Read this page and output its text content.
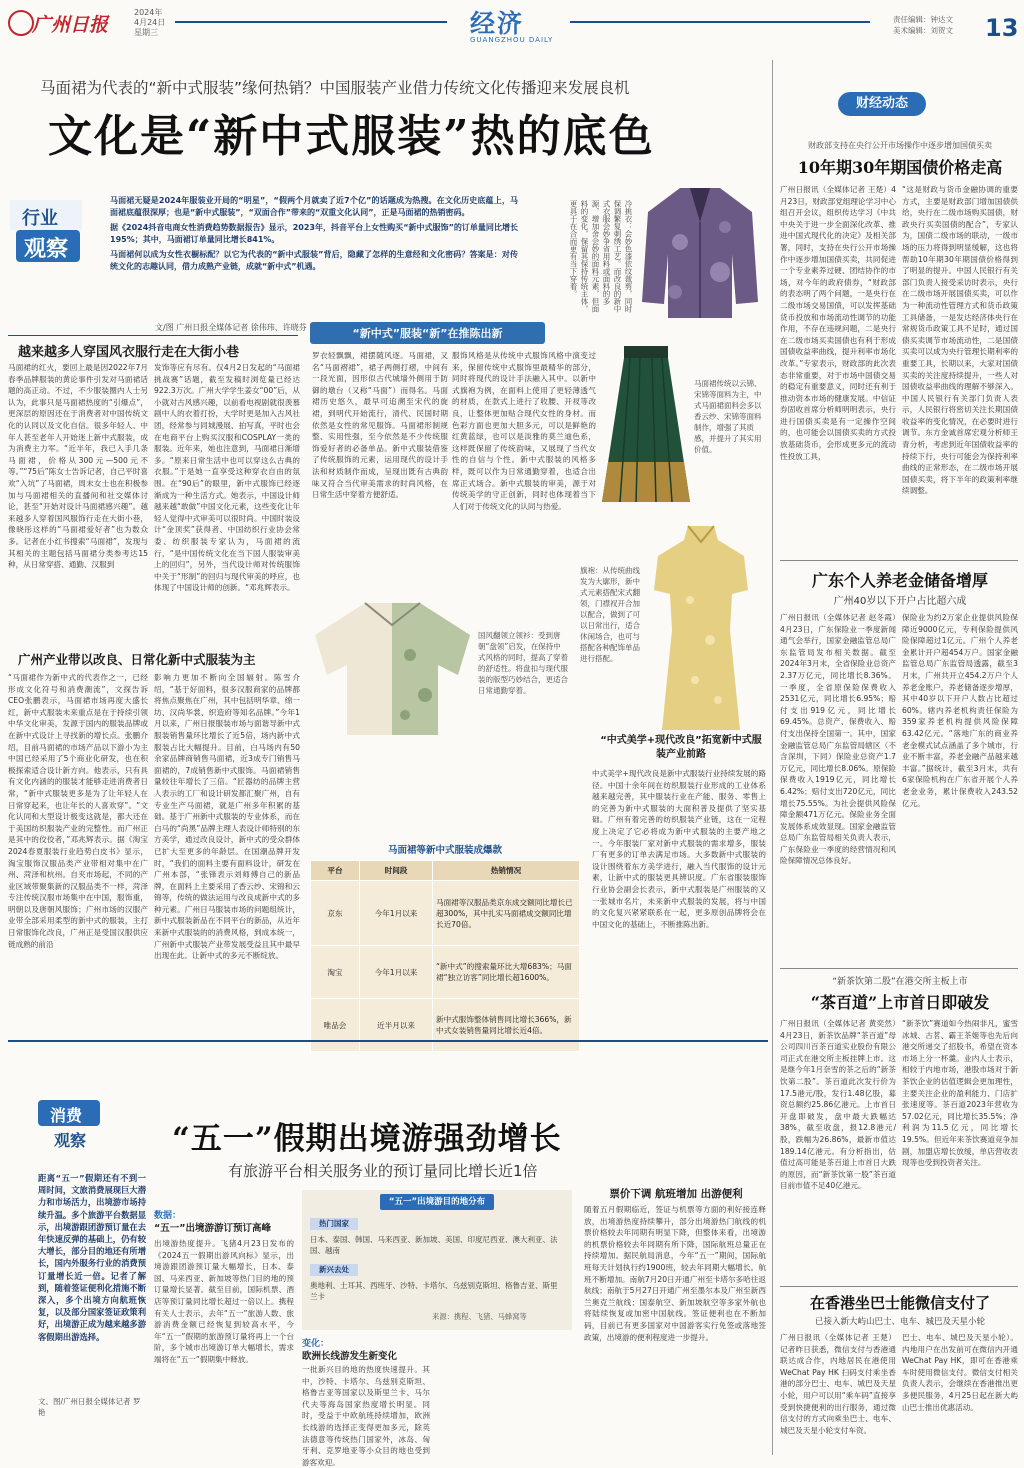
广州日报
2024年
4月24日
星期三	经济
GUANGZHOU DAILY
责任编辑：钟达文
美术编辑：刘贺文 13
马面裙为代表的“新中式服装”缘何热销？中国服装产业借力传统文化传播迎来发展良机
文化是“新中式服装”热的底色
行业
观察
马面裙无疑是2024年服装业开局的“明星”，“假两个月就卖了近7个亿”的话题成为热搜。在文化历史底蕴上，马面裙底蕴很深厚；也是“新中式服装”，“双面合作”带来的“双重文化认同”，正是马面裙的热销密码。
据《2024抖音电商女性消费趋势数据报告》显示，2023年，抖音平台上女性购买“新中式服饰”的订单量同比增长195%；其中，马面裙订单量同比增长841%。
马面裙何以成为女性衣橱标配？以它为代表的“新中式服装”背后，隐藏了怎样的生意经和文化密码？答案是：对传统文化的志趣认同，借力成熟产业链，成就“新中式”机遇。
文/图 广州日报全媒体记者 徐伟玮、许晓芬
冷挑衣：会妙色漆依纹裁剪，同时保调繁复刺绣工艺。而改良的新中式衣服会妙争省用料或面料的多源，增加舍会妙的面料元素，但面料的变化，保留其保持传统主体，更具于在合而更有当下穿着。
越来越多人穿国风衣服行走在大街小巷
马面裙的红火，要回上最是因2022年7月春季品牌服装的黄论事件引发对马面裙话题的高正动。不过，不少服装圈内人士另认为，此事只是马面裙热度的“引爆点”，更深层的原因还在于消费者对中国传统文化的认同以及文化自信。很多年轻人、中年人甚至老年人开始迷上新中式服装，成为消费主力军。“近半年，我已入手几条马面裙，价格从300元—500元不等。”“75后”陈女士告诉记者，自己平时喜欢“入坑”了马面裙，周末女士也在积极参加与马面裙相关的直播间和社交媒体讨论，甚至“开始对设计马面裙感兴趣”。越来越多人穿着国风服饰行走在大街小巷，像晓彤这样的“马面裙爱好者”也为数众多。记者在小红书搜索“马面裙”，发现与其相关的主题包括马面裙分类参考达15种，从日常穿搭、通勤、汉服到
发饰等应有尽有。仅4月2日发起的“马面裙挑战赛”话题，截至发稿时浏览量已经达922.3万次。广州大学学生姜女“00”后，从小就对古风感兴趣，以前看电视剧就很羡慕剧中人的衣着打扮，大学时更是加入古风社团，经常参与同城漫展、拍写真，平时也会在电商平台上购买汉服和COSPLAY一类的服装。近年来，她也注意到，马面裙日渐增多。“原来日常生活中也可以穿这么古典的衣服。”于是她一直享受这种穿衣自由的氛围。在“90后”的眼里，新中式服饰已经逐渐成为一种生活方式。她表示，中国设计师越来越“敢做”中国文化元素，这些变化让年轻人觉得中式审美可以很时尚。中国时装设计“金顶奖”获得者、中国纺织行业协会常委、纺织服装专家认为，马面裙的流行，“是中国传统文化在当下国人服装审美上的回归”，另外，当代设计师对传统服饰中关于“形制”的回归与现代审美的呼应，也体现了中国设计师的创新。“邓兆辉表示。
广州产业带以改良、日常化新中式服装为主
“马面裙作为新中式的代表作之一，已经形成文化符号和消费潮流”，文探告诉CEO张鹏表示，马面裙市场再度大盛长红，新中式服装未来重点是在于持续引领中华文化审美，发源于国内的服装品牌或在新中式设计上寻找新的增长点。张鹏介绍，目前马面裙的市场产品以下游小为主中国已经采用了5个商业化研发，也在积极探索适合设计新方向。他表示，只有具有文化内涵的的服装才能够走进消费者日常，“新中式服装更多是为了让年轻人在日常穿起来，也让年长的人喜欢穿”。“文化认同和大型设计极变这就是，都大还在于美国纺织服装产业的完整性。而广州正是其中的佼佼者，”邓兆辉表示。据《淘宝2024春夏服装行业趋势白皮书》显示，淘宝服饰汉服品类产业带相对集中在广州、菏泽和杭州。自夹市场起，不同的产业区域带聚集新的汉服品类不一样，菏泽专注传统汉服市场集中在中国，服饰重，明朝以及唐朝风服饰；广州市场的汉服产业带全部采用柔型的新中式的服装，主打日常服饰化改良，广州正是受国汉服供应链成熟的前沿
影响力更加不断向全国辐射。陈雪介绍，“基于好面料，很多汉服商家的品牌都将焦点聚焦在广州，其中包括明华章、绵一坊、汉尚华裳、织造府等知名品牌。”今年1月以来，广州日报服装市场与面谐导新中式服装销售量环比增长了近5倍，场内新中式服装占比大幅提升。目前，白马场内有50余家品牌商销售马面裙，近3成专门销售马面裙的，7成销售新中式服饰。马面裙销售量较往年增长了三倍。“匠器纺的品牌主营人表示的工厂和设计研发都汇聚广州，自有专业生产马面裙，就是广州多年积累的基础。基于广州新中式服装的专业体系，而在白马的“尚黑”品牌主理人表设计师特别的东方美学，通过改良设计，新中式的受众群体已扩大至更多的年龄层。在国潮品牌开发时，“我们的面料主要有面料设计，研发在广州本部，“张锋表示刘师傅自己的新品牌，在面料上主要采用了香云纱、宋锦和云锦等，传统的做法运用与改良成新中式的多种元素。广州日马服装市场的问题组统计，新中式服装新品在不同平台的新品，从近年来新中式服装的的消费风格，到成本统一，广州新中式服装产业带发展受益且其中最早出现在此。让新中式的多元不断绽放。
“新中式”服装“新”在推陈出新
罗衣轻飘飘，裙摆随风逐。马面裙，又名“马面褶裙”，裙子两侧打褶，中间有一段光面，因形似古代城墙外侧用于防御的墩台（又称“马面”）而得名。马面裙历史悠久，最早可追溯至宋代的旋裙，到明代开始流行，清代、民国时期依然是女性的常见服饰。马面裙形制规整、实用性强，至今依然是不少传统服饰爱好者的必备单品。新中式服装借鉴了传统服饰的元素，运用现代的设计手法和材质制作而成，呈现出既有古典韵味又符合当代审美需求的时尚风格，在日常生活中穿着方便舒适。
服饰风格是从传统中式服饰风格中演变过来，保留传统中式服饰里最精华的部分，同时将现代的设计手法融入其中。以新中式旗袍为例，在面料上使用了更轻薄透气的材质，在款式上进行了收腰、开衩等改良，让整体更加贴合现代女性的身材。而色彩方面也更加大胆多元，可以是鲜艳的红黄蓝绿，也可以是淡雅的莫兰迪色系，这样既保留了传统韵味，又展现了当代女性的自信与个性。新中式服装的风格多样，既可以作为日常通勤穿着，也适合出席正式场合。新中式服装的审美，源于对传统美学的守正创新，同时也体现着当下人们对于传统文化的认同与热爱。
马面裙传统以云锦、宋锦等面料为主，中式马面裙面料会多以香云纱、宋锦等面料制作，增强了其质感，并提升了其实用价值。
旗袍：从传统曲线发为大廓形，新中式元素搭配宋式翻领，门襟衩开合加以配合，做到了可以日常出行，适合休闲场合，也可与搭配各种配饰单品进行搭配。
国风翻领立领衫：受到唐朝“盘领”启发，在保持中式风格的同时，提高了穿着的舒适性。将盘扣与现代服装的版型巧妙结合，更适合日常通勤穿着。
马面裙等新中式服装成爆款
平台	时间段	热销情况
京东	今年1月以来	马面裙等汉服品类京东成交额同比增长已超300%，其中扎实马面裙成交额同比增长近70倍。
淘宝	今年1月以来	“新中式”的搜索量环比大增683%；马面裙“独立访客”同比增长超1600%。
唯品会	近半月以来	新中式服饰整体销售同比增长366%，新中式女装销售量同比增长近4倍。
“中式美学+现代改良”拓宽新中式服装产业前路
中式美学+现代改良是新中式服装行业持续发展的路径。中国十余年间在纺织服装行业形成的工业体系越来越完善，其中服装行业在产能、服务、零售上的完善为新中式服装的大面积普及提供了坚实基础。广州有着完善的纺织服装产业链，这在一定程度上决定了它必将成为新中式服装的主要产地之一。今年服装厂家对新中式服装的需求增多，服装厂有更多的订单去满足市场。大多数新中式服装的设计围绕着东方美学进行，融入当代服饰的设计元素，让新中式的服装更具辨识度。广东省服装服饰行业协会副会长表示，新中式服装是广州服装的又一张城市名片，未来新中式服装的发展，将与中国的文化复兴紧紧联系在一起，更多原创品牌将会在中国文化的基础上，不断推陈出新。
财经动态
财政部支持在央行公开市场操作中逐步增加国债买卖
10年期30年期国债价格走高
广州日报讯（全媒体记者 王楚）4月23日，财政部党组理论学习中心组召开会议，组织传达学习《中共中央关于进一步全面深化改革、推进中国式现代化的决定》及相关部署，同时，支持在央行公开市场操作中逐步增加国债买卖，共同促进一个专业素养过硬、团结协作的市场，对今年的政府债券，“财政部的表态明了两个问题，一是央行在二级市场交易国债，可以发挥基础货币投放和市场流动性调节的功能作用，不存在违规问题，二是央行在二级市场买卖国债也有利于形成国债收益率曲线，提升利率市场化改革。”专家表示，财政部的此次表态非常重要，对于市场中国债交易的稳定有重要意义，同时还有利于推动资本市场的健康发展。中信证券固收首席分析师明明表示，央行进行国债买卖是有一定操作空间的，也可能会以国债买卖的方式投放基础货币，会形成更多元的流动性投放工具，
“这是财政与货币金融协调的重要方式，主要是财政部门增加国债供给，央行在二级市场购买国债，财政央行买卖国债的配合”，专家认为，国债二级市场的联动，一级市场的压力将得到明显缓解，这也将帮助10年期30年期国债价格得到了明显的提升。中国人民银行有关部门负责人接受采访时表示，央行在二级市场开展国债买卖，可以作为一种流动性管理方式和货币政策工具储备，一是发达经济体央行在常规货币政策工具不足时，通过国债买卖调节市场流动性，二是国债买卖可以成为央行管理长期利率的重要工具，长期以来，大家对国债买卖的关注度持续提升，一些人对国债收益率曲线的理解不够深入。中国人民银行有关部门负责人表示，人民银行将密切关注长期国债收益率的变化情况，在必要时进行调节。东方金诚首席宏观分析师王青分析，考虑到近年国债收益率的持续下行，央行可能会为保持利率曲线的正常形态，在二级市场开展国债买卖，将下半年的政策利率继续调整。
广东个人养老金储备增厚
广州40岁以下开户占比超六成
广州日报讯（全媒体记者 赵冬霞）4月23日，广东保险业一季度新闻通气会举行，国家金融监管总局广东监管局发布相关数据。截至2024年3月末，全省保险业总资产2.37万亿元，同比增长8.36%。一季度，全省原保险保费收入2531亿元，同比增长6.95%；赔付支出919亿元，同比增长69.45%。总资产、保费收入、赔付支出保持全国第一。其中，国家金融监管总局广东监管局辖区（不含深圳，下同）保险业总资产1.7万亿元，同比增长8.06%。原保险保费收入1919亿元，同比增长6.42%；赔付支出720亿元，同比增长75.55%。为社会提供风险保障金额471万亿元。保险业务全面发展体系成效显现。国家金融监管总局广东监管局相关负责人表示，广东保险业一季度的经营情况和风险保障情况总体良好。
保险业为约2万家企业提供风险保障近9000亿元，专利保险提供风险保障超过1亿元。广州个人养老金累计开户超454万户。国家金融监管总局广东监管局透露，截至3月末，广州共开立454.2万户个人养老金账户，养老储备逐步增厚，其中40岁以下开户人数占比超过60%。辖内养老机构责任保险为359家养老机构提供风险保障63.42亿元。“落地广东的商业养老金模式试点涵盖了多个城市，行业不断丰富，养老金融产品越来越丰富。”据统计，截至3月末，共有6家保险机构在广东省开展个人养老金业务，累计保费收入243.52亿元。
“新茶饮第二股”在港交所主板上市
“茶百道”上市首日即破发
广州日报讯（全媒体记者 黄奕然）4月23日，新茶饮品牌“茶百道”母公司四川百茶百道实业股份有限公司正式在港交所主板挂牌上市。这是继今年1月奈雪的茶之后的“新茶饮第二股”。茶百道此次发行价为17.5港元/股，发行1.48亿股，募资总额约25.86亿港元。上市首日开盘即破发，盘中最大跌幅达38%，截至收盘，报12.8港元/股，跌幅为26.86%，最新市值达189.14亿港元。有分析指出，估值过高可能是茶百道上市首日大跌的原因，而“新茶饮第一股”茶百道目前市值不足40亿港元。
“新茶饮”赛道如今热闹非凡，蜜雪冰城、古茗、霸王茶姬等也先后向港交所递交了招股书，希望在资本市场上分一杯羹。业内人士表示，相较于内地市场，港股市场对于新茶饮企业的估值逻辑会更加理性，主要关注企业的盈利能力、门店扩张速度等。茶百道2023年营收为57.02亿元，同比增长35.5%；净利润为11.5亿元，同比增长19.5%。但近年来茶饮赛道竞争加剧，加盟店增长放缓，单店营收表现等也受到投资者关注。
在香港坐巴士能微信支付了
已接入新大屿山巴士、电车、城巴及天星小轮
广州日报讯（全媒体记者 王楚）记者昨日获悉，微信支付与香港通联达成合作，内地居民在港使用WeChat Pay HK 扫码支付乘坐香港的部分巴士、电车、城巴及天星小轮，用户可以用“乘车码”直接享受到快捷便利的出行服务，通过微信支付的方式向乘坐巴士、电车、城巴及天星小轮支付车资。
巴士、电车、城巴及天星小轮）。内地用户在出发前可在微信内开通WeChat Pay HK，即可在香港乘车时使用微信支付。微信支付相关负责人表示，会继续在香港推出更多便民服务，4月25日起在新大屿山巴士推出优惠活动。
消费
观察	“五一”假期出境游强劲增长
有旅游平台相关服务业的预订量同比增长近1倍
距离“五一”假期还有不到一周时间，文旅消费展现巨大潜力和市场活力，出境游市场持续升温。多个旅游平台数据显示，出境游跟团游预订量在去年快速反弹的基础上，仍有较大增长，部分目的地还有所增长，国内外服务行业的消费预订量增长近一倍。记者了解到，随着签证便利化措施不断深入，多个出境方向航班恢复，以及部分国家签证政策利好，出境游正成为越来越多游客假期出游选择。
文、图/广州日报全媒体记者 罗艳
数据：
“五一”出境游游订预订高峰
出境游热度提升。飞猪4月23日发布的《2024五一假期出游风向标》显示，出境游跟团游预订量大幅增长，日本、泰国、马来西亚、新加坡等热门目的地的预订量增长显著。截至目前，国际机票、酒店等预订量同比增长超过一倍以上。携程有关人士表示，去年“五一”旅游人数、旅游消费金额已经恢复到较高水平，今年“五一”假期的旅游预订量将再上一个台阶，多个城市出境游订单大幅增长，需求端将在“五一”假期集中释放。
“五一”出境游目的地分布
热门国家
日本、泰国、韩国、马来西亚、新加坡、美国、印度尼西亚、澳大利亚、法国、越南
新兴去处
奥地利、土耳其、西班牙、沙特、卡塔尔、乌兹别克斯坦、格鲁吉亚、斯里兰卡
来源：携程、飞猪、马蜂窝等
变化：
欧洲长线游发生新变化
一批新兴目的地的热度快速提升。其中，沙特、卡塔尔、乌兹别克斯坦、格鲁吉亚等国家以及斯里兰卡、马尔代夫等海岛国家热度增长明显。同时，受益于中欧航班持续增加，欧洲长线游的选择正变得更加多元，除英法德意等传统热门国家外，冰岛、匈牙利、克罗地亚等小众目的地也受到游客欢迎。
票价下调 航班增加 出游便利
随着五月假期临近，签证与机票等方面的利好接连释放，出境游热度持续攀升，部分出境游热门航线的机票价格较去年同期有明显下降，但整体来看，出境游的机票价格较去年同期有所下降，国际航班总量正在持续增加。据民航局消息，今年“五一”期间，国际航班每天计划执行约1900班，较去年同期大幅增长。航班不断增加。南航7月20日开通广州至卡塔尔多哈往返航线；南航于5月27日开通广州至墨尔本及广州至新西兰奥克兰航线；国泰航空、新加坡航空等多家外航也将陆续恢复或加密中国航线。签证便利也在不断加码，目前已有更多国家对中国游客实行免签或落地签政策，出境游的便利程度进一步提升。
